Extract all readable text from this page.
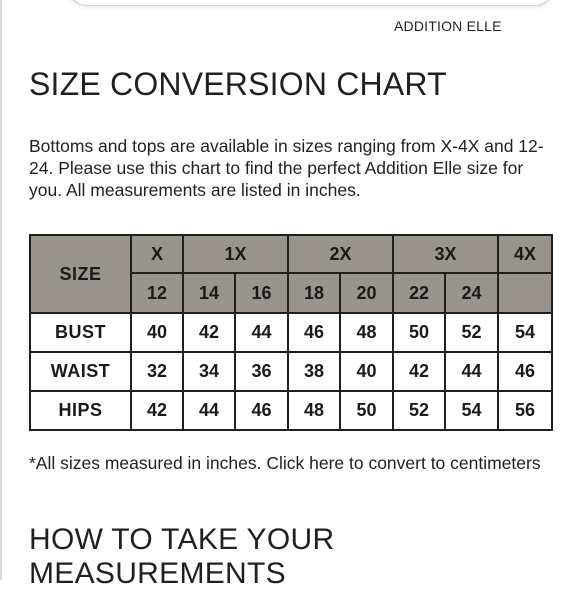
ADDITION ELLE
SIZE CONVERSION CHART

Bottoms and tops are available in sizes ranging from X-4X and 12-24. Please use this chart to find the perfect Addition Elle size for you. All measurements are listed in inches.

SIZE	X	1X		2X		3X		4X
	12	14	16	18	20	22	24	
BUST	40	42	44	46	48	50	52	54
WAIST	32	34	36	38	40	42	44	46
HIPS	42	44	46	48	50	52	54	56

*All sizes measured in inches. Click here to convert to centimeters

HOW TO TAKE YOUR MEASUREMENTS
